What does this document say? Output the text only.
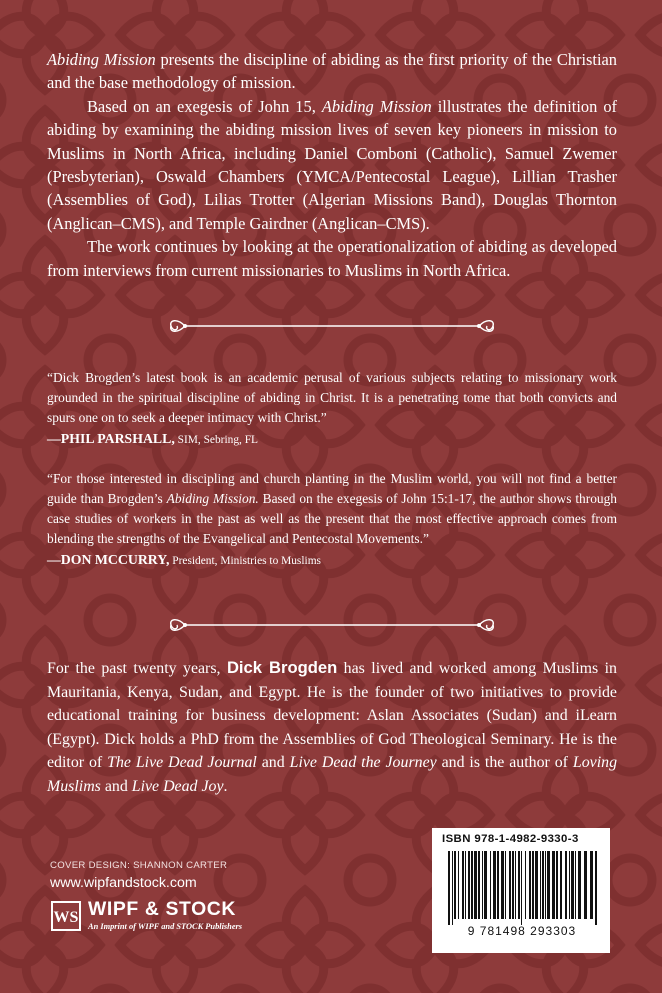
Abiding Mission presents the discipline of abiding as the first priority of the Christian and the base methodology of mission.

Based on an exegesis of John 15, Abiding Mission illustrates the definition of abiding by examining the abiding mission lives of seven key pioneers in mission to Muslims in North Africa, including Daniel Comboni (Catholic), Samuel Zwemer (Presbyterian), Oswald Chambers (YMCA/Pentecostal League), Lillian Trasher (Assemblies of God), Lilias Trotter (Algerian Missions Band), Douglas Thornton (Anglican–CMS), and Temple Gairdner (Anglican–CMS).

The work continues by looking at the operationalization of abiding as developed from interviews from current missionaries to Muslims in North Africa.

“Dick Brogden’s latest book is an academic perusal of various subjects relating to missionary work grounded in the spiritual discipline of abiding in Christ. It is a penetrating tome that both convicts and spurs one on to seek a deeper intimacy with Christ.”

—PHIL PARSHALL, SIM, Sebring, FL

“For those interested in discipling and church planting in the Muslim world, you will not find a better guide than Brogden’s Abiding Mission. Based on the exegesis of John 15:1-17, the author shows through case studies of workers in the past as well as the present that the most effective approach comes from blending the strengths of the Evangelical and Pentecostal Movements.”

—DON MCCURRY, President, Ministries to Muslims

For the past twenty years, Dick Brogden has lived and worked among Muslims in Mauritania, Kenya, Sudan, and Egypt. He is the founder of two initiatives to provide educational training for business development: Aslan Associates (Sudan) and iLearn (Egypt). Dick holds a PhD from the Assemblies of God Theological Seminary. He is the editor of The Live Dead Journal and Live Dead the Journey and is the author of Loving Muslims and Live Dead Joy.

COVER DESIGN: SHANNON CARTER
www.wipfandstock.com
WS WIPF & STOCK
An Imprint of WIPF and STOCK Publishers
ISBN 978-1-4982-9330-3
9 781498 293303
